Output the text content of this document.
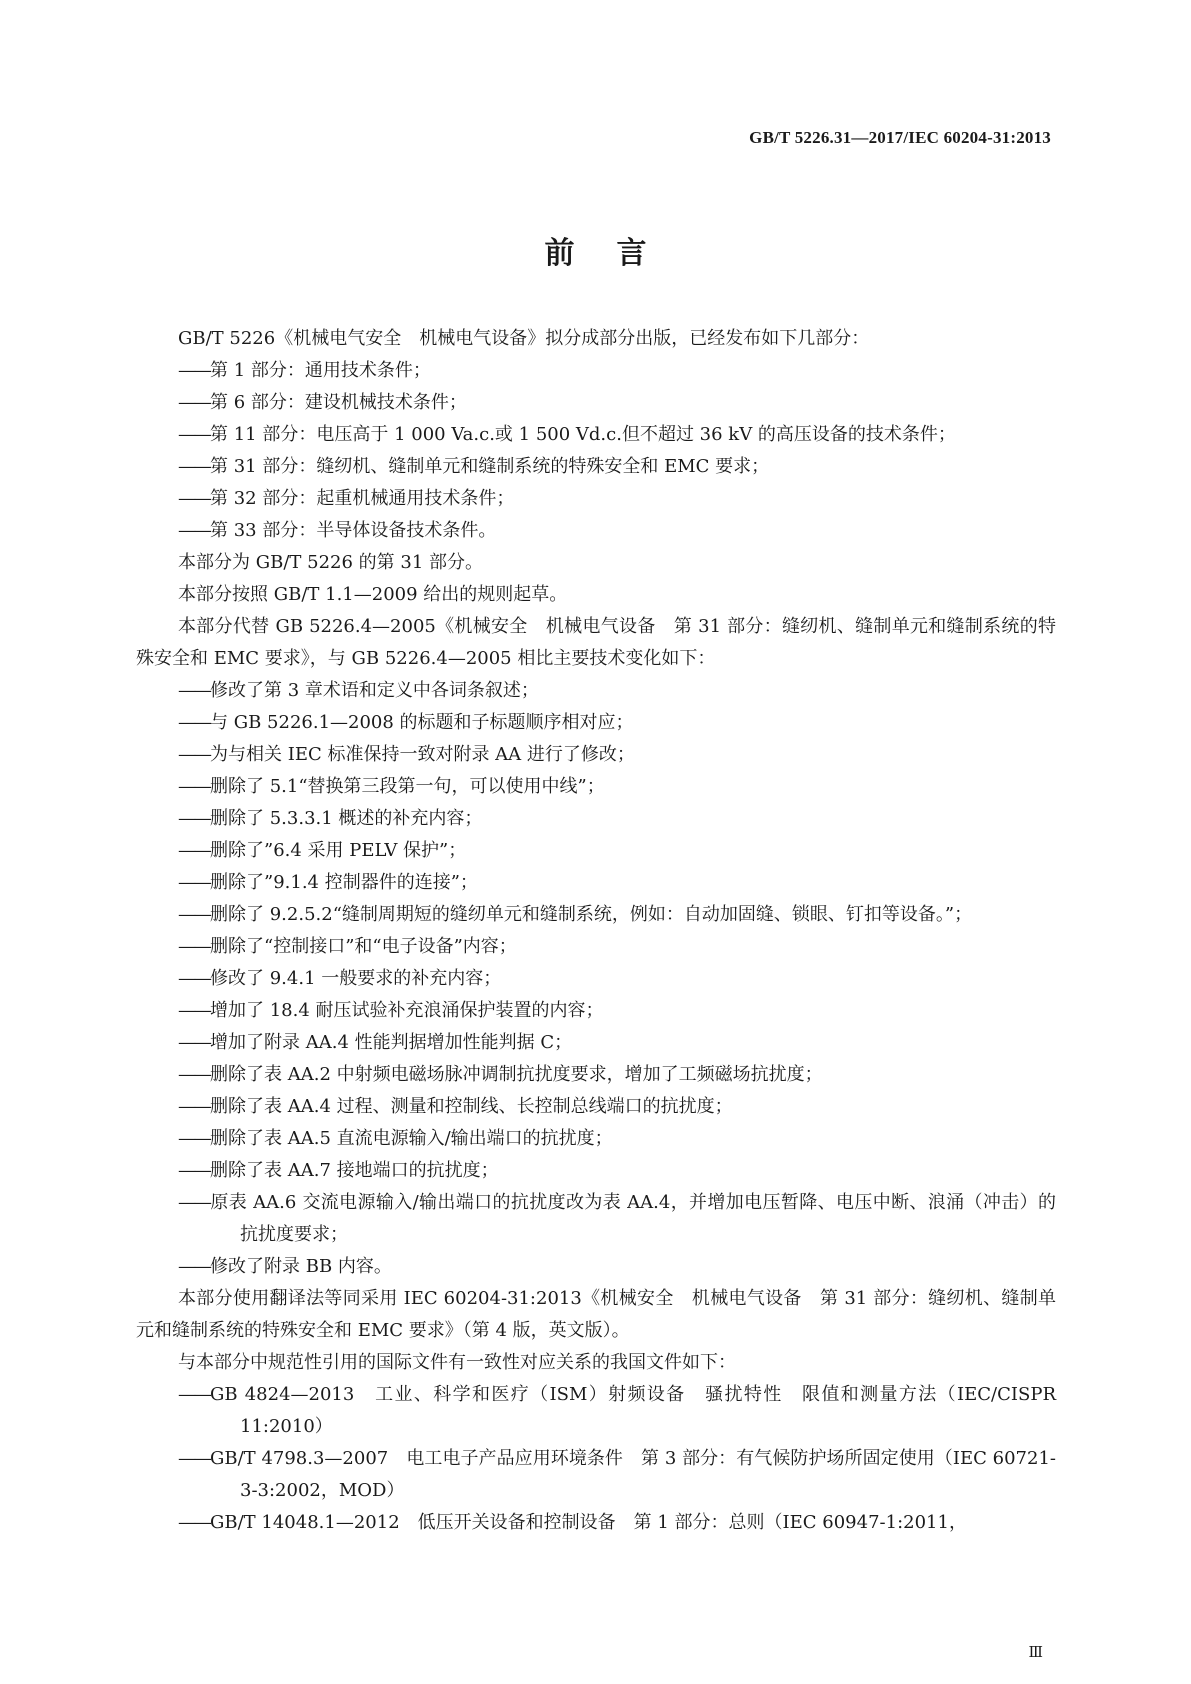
GB/T 5226.31—2017/IEC 60204-31:2013
前言

GB/T 5226《机械电气安全　机械电气设备》拟分成部分出版，已经发布如下几部分：

——第 1 部分：通用技术条件；

——第 6 部分：建设机械技术条件；

——第 11 部分：电压高于 1 000 Va.c.或 1 500 Vd.c.但不超过 36 kV 的高压设备的技术条件；

——第 31 部分：缝纫机、缝制单元和缝制系统的特殊安全和 EMC 要求；

——第 32 部分：起重机械通用技术条件；

——第 33 部分：半导体设备技术条件。

本部分为 GB/T 5226 的第 31 部分。

本部分按照 GB/T 1.1—2009 给出的规则起草。

本部分代替 GB 5226.4—2005《机械安全　机械电气设备　第 31 部分：缝纫机、缝制单元和缝制系统的特殊安全和 EMC 要求》，与 GB 5226.4—2005 相比主要技术变化如下：

——修改了第 3 章术语和定义中各词条叙述；

——与 GB 5226.1—2008 的标题和子标题顺序相对应；

——为与相关 IEC 标准保持一致对附录 AA 进行了修改；

——删除了 5.1“替换第三段第一句，可以使用中线”；

——删除了 5.3.3.1 概述的补充内容；

——删除了”6.4 采用 PELV 保护”；

——删除了”9.1.4 控制器件的连接”；

——删除了 9.2.5.2“缝制周期短的缝纫单元和缝制系统，例如：自动加固缝、锁眼、钉扣等设备。”；

——删除了“控制接口”和“电子设备”内容；

——修改了 9.4.1 一般要求的补充内容；

——增加了 18.4 耐压试验补充浪涌保护装置的内容；

——增加了附录 AA.4 性能判据增加性能判据 C；

——删除了表 AA.2 中射频电磁场脉冲调制抗扰度要求，增加了工频磁场抗扰度；

——删除了表 AA.4 过程、测量和控制线、长控制总线端口的抗扰度；

——删除了表 AA.5 直流电源输入/输出端口的抗扰度；

——删除了表 AA.7 接地端口的抗扰度；

——原表 AA.6 交流电源输入/输出端口的抗扰度改为表 AA.4，并增加电压暂降、电压中断、浪涌（冲击）的抗扰度要求；

——修改了附录 BB 内容。

本部分使用翻译法等同采用 IEC 60204-31:2013《机械安全　机械电气设备　第 31 部分：缝纫机、缝制单元和缝制系统的特殊安全和 EMC 要求》（第 4 版，英文版）。

与本部分中规范性引用的国际文件有一致性对应关系的我国文件如下：

——GB 4824—2013　工业、科学和医疗（ISM）射频设备　骚扰特性　限值和测量方法（IEC/CISPR 11:2010）

——GB/T 4798.3—2007　电工电子产品应用环境条件　第 3 部分：有气候防护场所固定使用（IEC 60721-3-3:2002，MOD）

——GB/T 14048.1—2012　低压开关设备和控制设备　第 1 部分：总则（IEC 60947-1:2011，

Ⅲ
